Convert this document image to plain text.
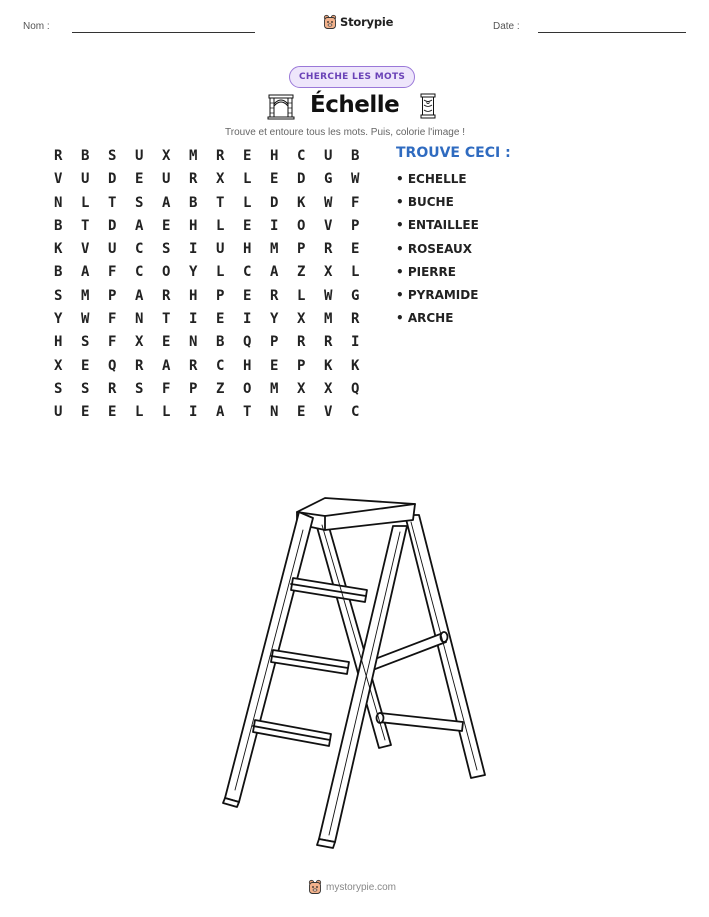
Nom :	Storypie	Date :
CHERCHE LES MOTS
Échelle
Trouve et entoure tous les mots. Puis, colorie l'image !
R	B	S	U	X	M	R	E	H	C	U	B
V	U	D	E	U	R	X	L	E	D	G	W
N	L	T	S	A	B	T	L	D	K	W	F
B	T	D	A	E	H	L	E	I	O	V	P
K	V	U	C	S	I	U	H	M	P	R	E
B	A	F	C	O	Y	L	C	A	Z	X	L
S	M	P	A	R	H	P	E	R	L	W	G
Y	W	F	N	T	I	E	I	Y	X	M	R
H	S	F	X	E	N	B	Q	P	R	R	I
X	E	Q	R	A	R	C	H	E	P	K	K
S	S	R	S	F	P	Z	O	M	X	X	Q
U	E	E	L	L	I	A	T	N	E	V	C
TROUVE CECI :
• ECHELLE
• BUCHE
• ENTAILLEE
• ROSEAUX
• PIERRE
• PYRAMIDE
• ARCHE
mystorypie.com
